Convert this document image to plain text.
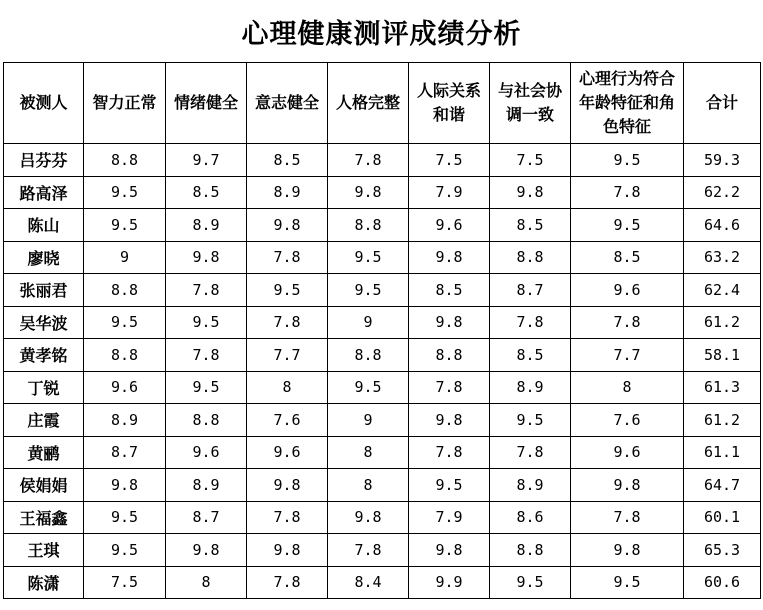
心理健康测评成绩分析
被测人	智力正常	情绪健全	意志健全	人格完整	人际关系和谐	与社会协调一致	心理行为符合年龄特征和角色特征	合计
吕芬芬	8.8	9.7	8.5	7.8	7.5	7.5	9.5	59.3
路高泽	9.5	8.5	8.9	9.8	7.9	9.8	7.8	62.2
陈山	9.5	8.9	9.8	8.8	9.6	8.5	9.5	64.6
廖晓	9	9.8	7.8	9.5	9.8	8.8	8.5	63.2
张丽君	8.8	7.8	9.5	9.5	8.5	8.7	9.6	62.4
吴华波	9.5	9.5	7.8	9	9.8	7.8	7.8	61.2
黄孝铭	8.8	7.8	7.7	8.8	8.8	8.5	7.7	58.1
丁锐	9.6	9.5	8	9.5	7.8	8.9	8	61.3
庄霞	8.9	8.8	7.6	9	9.8	9.5	7.6	61.2
黄鹂	8.7	9.6	9.6	8	7.8	7.8	9.6	61.1
侯娟娟	9.8	8.9	9.8	8	9.5	8.9	9.8	64.7
王福鑫	9.5	8.7	7.8	9.8	7.9	8.6	7.8	60.1
王琪	9.5	9.8	9.8	7.8	9.8	8.8	9.8	65.3
陈潇	7.5	8	7.8	8.4	9.9	9.5	9.5	60.6
